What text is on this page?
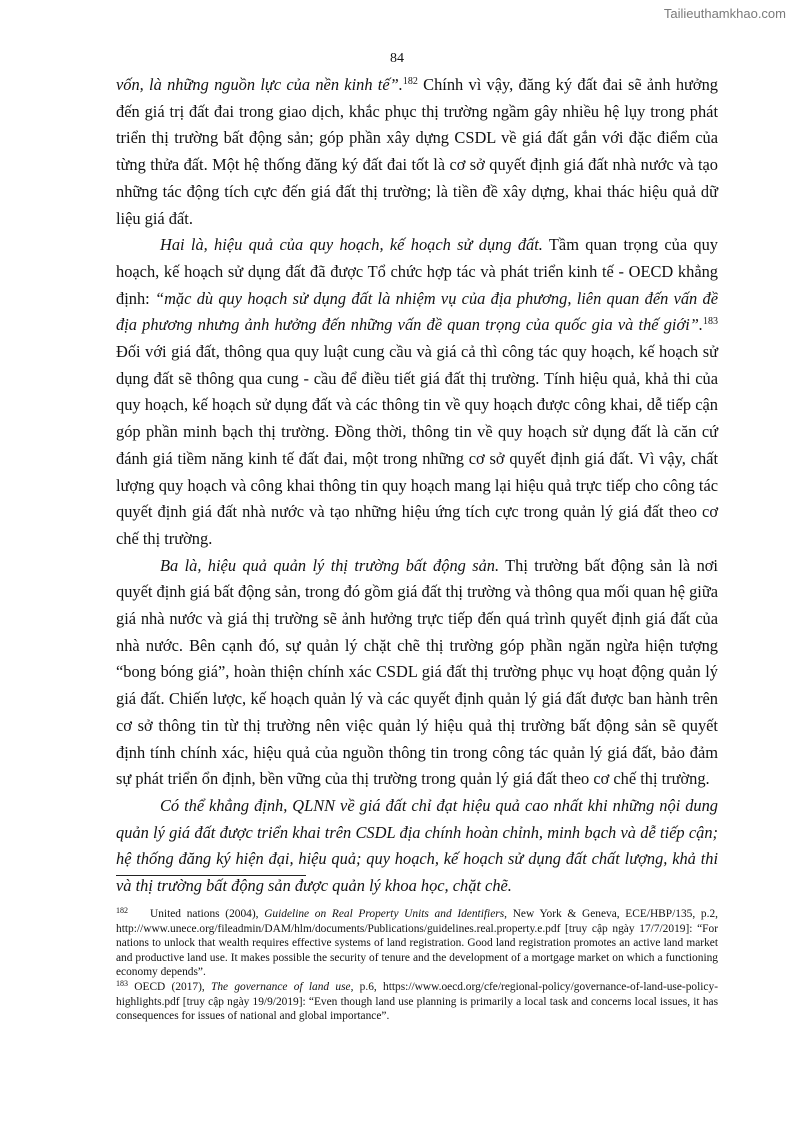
Tailieuthamkhao.com
84

vốn, là những nguồn lực của nền kinh tế”.$^{182}$ Chính vì vậy, đăng ký đất đai sẽ ảnh hưởng đến giá trị đất đai trong giao dịch, khắc phục thị trường ngầm gây nhiều hệ lụy trong phát triển thị trường bất động sản; góp phần xây dựng CSDL về giá đất gắn với đặc điểm của từng thửa đất. Một hệ thống đăng ký đất đai tốt là cơ sở quyết định giá đất nhà nước và tạo những tác động tích cực đến giá đất thị trường; là tiền đề xây dựng, khai thác hiệu quả dữ liệu giá đất.

Hai là, hiệu quả của quy hoạch, kế hoạch sử dụng đất. Tầm quan trọng của quy hoạch, kế hoạch sử dụng đất đã được Tổ chức hợp tác và phát triển kinh tế - OECD khẳng định: “mặc dù quy hoạch sử dụng đất là nhiệm vụ của địa phương, liên quan đến vấn đề địa phương nhưng ảnh hưởng đến những vấn đề quan trọng của quốc gia và thế giới”.$^{183}$ Đối với giá đất, thông qua quy luật cung cầu và giá cả thì công tác quy hoạch, kế hoạch sử dụng đất sẽ thông qua cung - cầu để điều tiết giá đất thị trường. Tính hiệu quả, khả thi của quy hoạch, kế hoạch sử dụng đất và các thông tin về quy hoạch được công khai, dễ tiếp cận góp phần minh bạch thị trường. Đồng thời, thông tin về quy hoạch sử dụng đất là căn cứ đánh giá tiềm năng kinh tế đất đai, một trong những cơ sở quyết định giá đất. Vì vậy, chất lượng quy hoạch và công khai thông tin quy hoạch mang lại hiệu quả trực tiếp cho công tác quyết định giá đất nhà nước và tạo những hiệu ứng tích cực trong quản lý giá đất theo cơ chế thị trường.

Ba là, hiệu quả quản lý thị trường bất động sản. Thị trường bất động sản là nơi quyết định giá bất động sản, trong đó gồm giá đất thị trường và thông qua mối quan hệ giữa giá nhà nước và giá thị trường sẽ ảnh hưởng trực tiếp đến quá trình quyết định giá đất của nhà nước. Bên cạnh đó, sự quản lý chặt chẽ thị trường góp phần ngăn ngừa hiện tượng “bong bóng giá”, hoàn thiện chính xác CSDL giá đất thị trường phục vụ hoạt động quản lý giá đất. Chiến lược, kế hoạch quản lý và các quyết định quản lý giá đất được ban hành trên cơ sở thông tin từ thị trường nên việc quản lý hiệu quả thị trường bất động sản sẽ quyết định tính chính xác, hiệu quả của nguồn thông tin trong công tác quản lý giá đất, bảo đảm sự phát triển ổn định, bền vững của thị trường trong quản lý giá đất theo cơ chế thị trường.

Có thể khẳng định, QLNN về giá đất chỉ đạt hiệu quả cao nhất khi những nội dung quản lý giá đất được triển khai trên CSDL địa chính hoàn chỉnh, minh bạch và dễ tiếp cận; hệ thống đăng ký hiện đại, hiệu quả; quy hoạch, kế hoạch sử dụng đất chất lượng, khả thi và thị trường bất động sản được quản lý khoa học, chặt chẽ.

$^{182}$ United nations (2004), Guideline on Real Property Units and Identifiers, New York & Geneva, ECE/HBP/135, p.2, http://www.unece.org/fileadmin/DAM/hlm/documents/Publications/guidelines.real.property.e.pdf [truy cập ngày 17/7/2019]: “For nations to unlock that wealth requires effective systems of land registration. Good land registration promotes an active land market and productive land use. It makes possible the security of tenure and the development of a mortgage market on which a functioning economy depends”.

$^{183}$ OECD (2017), The governance of land use, p.6, https://www.oecd.org/cfe/regional-policy/governance-of-land-use-policy-highlights.pdf [truy cập ngày 19/9/2019]: “Even though land use planning is primarily a local task and concerns local issues, it has consequences for issues of national and global importance”.
